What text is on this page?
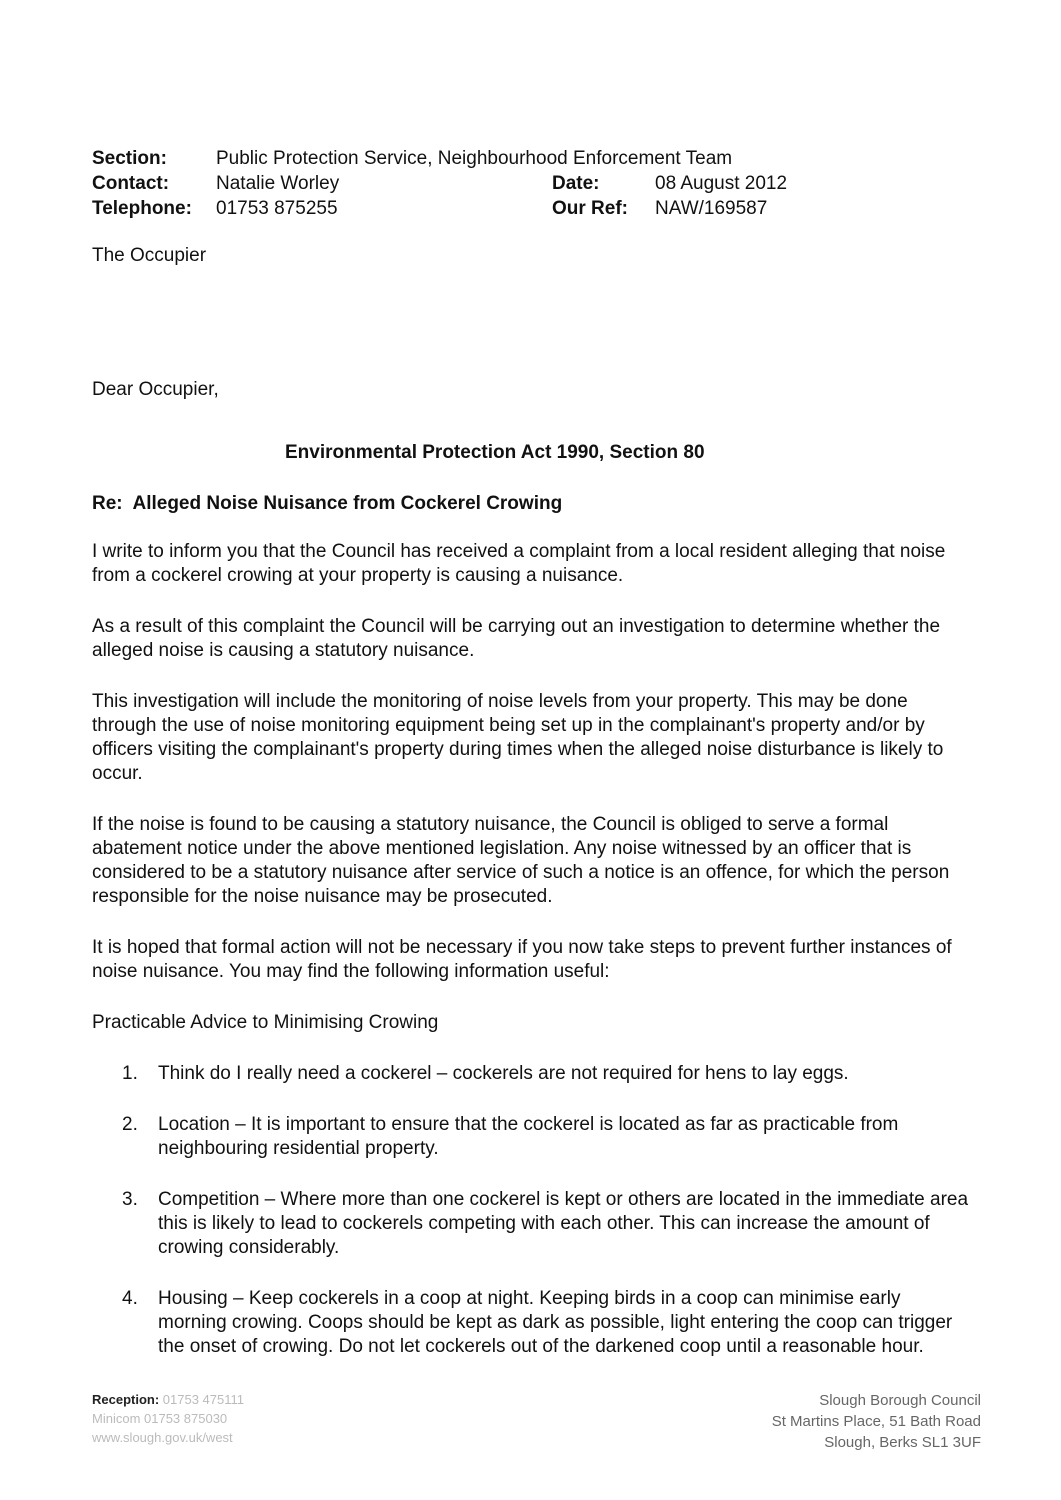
Section:	Public Protection Service, Neighbourhood Enforcement Team
Contact: Natalie Worley	Date:	08 August 2012
Telephone: 01753 875255	Our Ref: NAW/169587
The Occupier
Dear Occupier,
Environmental Protection Act 1990, Section 80
Re:  Alleged Noise Nuisance from Cockerel Crowing

I write to inform you that the Council has received a complaint from a local resident alleging that noise from a cockerel crowing at your property is causing a nuisance.

As a result of this complaint the Council will be carrying out an investigation to determine whether the alleged noise is causing a statutory nuisance.

This investigation will include the monitoring of noise levels from your property. This may be done through the use of noise monitoring equipment being set up in the complainant's property and/or by officers visiting the complainant's property during times when the alleged noise disturbance is likely to occur.

If the noise is found to be causing a statutory nuisance, the Council is obliged to serve a formal abatement notice under the above mentioned legislation. Any noise witnessed by an officer that is considered to be a statutory nuisance after service of such a notice is an offence, for which the person responsible for the noise nuisance may be prosecuted.

It is hoped that formal action will not be necessary if you now take steps to prevent further instances of noise nuisance. You may find the following information useful:

Practicable Advice to Minimising Crowing

1. Think do I really need a cockerel – cockerels are not required for hens to lay eggs.
2. Location – It is important to ensure that the cockerel is located as far as practicable from neighbouring residential property.
3. Competition – Where more than one cockerel is kept or others are located in the immediate area this is likely to lead to cockerels competing with each other. This can increase the amount of crowing considerably.
4. Housing – Keep cockerels in a coop at night. Keeping birds in a coop can minimise early morning crowing. Coops should be kept as dark as possible, light entering the coop can trigger the onset of crowing. Do not let cockerels out of the darkened coop until a reasonable hour.
Reception: 01753 475111
Minicom 01753 875030
www.slough.gov.uk/west
Slough Borough Council
St Martins Place, 51 Bath Road
Slough, Berks SL1 3UF
